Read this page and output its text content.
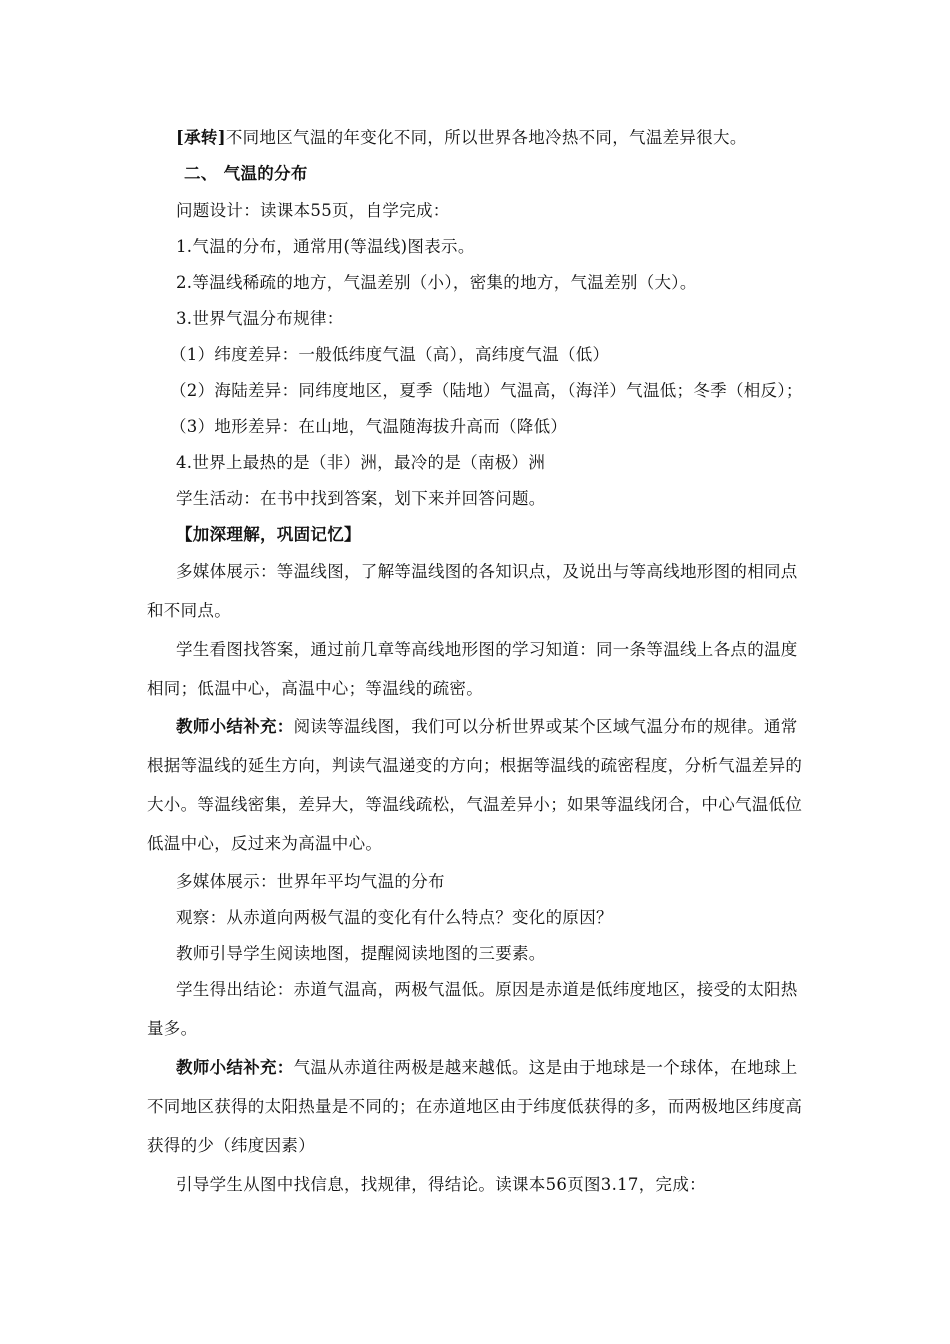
[承转]不同地区气温的年变化不同，所以世界各地冷热不同，气温差异很大。
二、 气温的分布
问题设计：读课本55页，自学完成：
1.气温的分布，通常用(等温线)图表示。
2.等温线稀疏的地方，气温差别（小），密集的地方，气温差别（大）。
3.世界气温分布规律：
（1）纬度差异：一般低纬度气温（高），高纬度气温（低）
（2）海陆差异：同纬度地区，夏季（陆地）气温高，（海洋）气温低；冬季（相反）；
（3）地形差异：在山地，气温随海拔升高而（降低）
4.世界上最热的是（非）洲，最冷的是（南极）洲
学生活动：在书中找到答案，划下来并回答问题。
【加深理解，巩固记忆】
多媒体展示：等温线图，了解等温线图的各知识点，及说出与等高线地形图的相同点
和不同点。
学生看图找答案，通过前几章等高线地形图的学习知道：同一条等温线上各点的温度
相同；低温中心，高温中心；等温线的疏密。
教师小结补充：阅读等温线图，我们可以分析世界或某个区域气温分布的规律。通常
根据等温线的延生方向，判读气温递变的方向；根据等温线的疏密程度，分析气温差异的
大小。等温线密集，差异大，等温线疏松，气温差异小；如果等温线闭合，中心气温低位
低温中心，反过来为高温中心。
多媒体展示：世界年平均气温的分布
观察：从赤道向两极气温的变化有什么特点？变化的原因？
教师引导学生阅读地图，提醒阅读地图的三要素。
学生得出结论：赤道气温高，两极气温低。原因是赤道是低纬度地区，接受的太阳热
量多。
教师小结补充：气温从赤道往两极是越来越低。这是由于地球是一个球体，在地球上
不同地区获得的太阳热量是不同的；在赤道地区由于纬度低获得的多，而两极地区纬度高
获得的少（纬度因素）
引导学生从图中找信息，找规律，得结论。读课本56页图3.17，完成：
